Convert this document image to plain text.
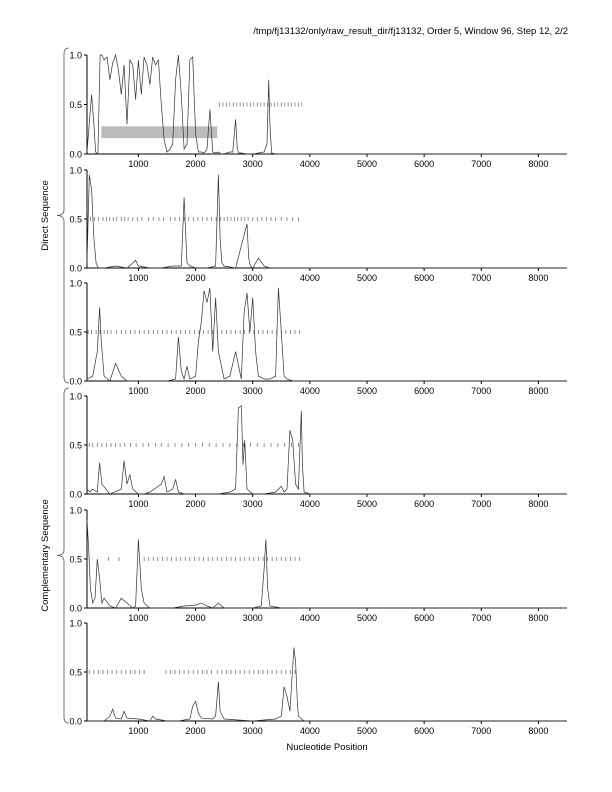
/tmp/fj13132/only/raw_result_dir/fj13132, Order 5, Window 96, Step 12, 2/2
0.0
0.5
1.0
1000	2000	3000	4000	5000	6000	7000	8000
0.0
0.5
1.0
1000	2000	3000	4000	5000	6000	7000	8000
0.0
0.5
1.0
1000	2000	3000	4000	5000	6000	7000	8000
0.0
0.5
1.0
1000	2000	3000	4000	5000	6000	7000	8000
0.0
0.5
1.0
1000	2000	3000	4000	5000	6000	7000	8000
0.0
0.5
1.0
1000	2000	3000	4000	5000	6000	7000	8000
Nucleotide Position
Direct Sequence
Complementary Sequence
